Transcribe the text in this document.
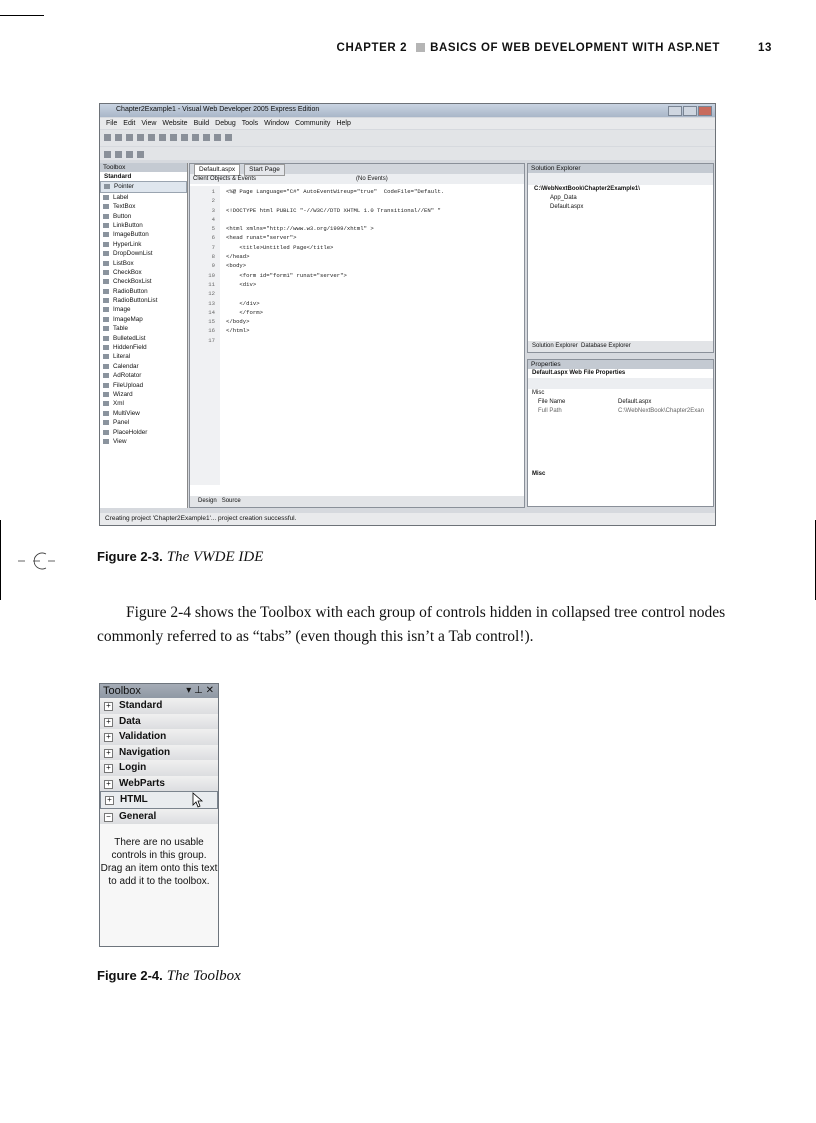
CHAPTER 2 BASICS OF WEB DEVELOPMENT WITH ASP.NET	13
Chapter2Example1 - Visual Web Developer 2005 Express Edition
File Edit View Website Build Debug Tools Window Community Help
Toolbox
Standard
Pointer
Label
TextBox
Button
LinkButton
ImageButton
HyperLink
DropDownList
ListBox
CheckBox
CheckBoxList
RadioButton
RadioButtonList
Image
ImageMap
Table
BulletedList
HiddenField
Literal
Calendar
AdRotator
FileUpload
Wizard
Xml
MultiView
Panel
PlaceHolder
View
Default.aspx Start Page
Client Objects & Events	(No Events)
1
2
3
4
5
6
7
8
9
10
11
12
13
14
15
16
17
<%@ Page Language="C#" AutoEventWireup="true"  CodeFile="Default.

<!DOCTYPE html PUBLIC "-//W3C//DTD XHTML 1.0 Transitional//EN" "

<html xmlns="http://www.w3.org/1999/xhtml" >
<head runat="server">
<title>Untitled Page</title>
</head>
<body>
<form id="form1" runat="server">
<div>

</div>
</form>
</body>
</html>
Design Source
Solution Explorer
C:\WebNextBook\Chapter2Example1\
App_Data
Default.aspx
Solution Explorer Database Explorer
Properties
Default.aspx Web File Properties
Misc
File Name	Default.aspx
Full Path	C:\WebNextBook\Chapter2Exan
Misc
Creating project 'Chapter2Example1'... project creation successful.
Figure 2-3. The VWDE IDE
Figure 2-4 shows the Toolbox with each group of controls hidden in collapsed tree control nodes commonly referred to as “tabs” (even though this isn’t a Tab control!).
Toolbox	▾ ⊥ ✕
+ Standard
+ Data
+ Validation
+ Navigation
+ Login
+ WebParts
+ HTML
− General
There are no usable controls in this group. Drag an item onto this text to add it to the toolbox.
Figure 2-4. The Toolbox
